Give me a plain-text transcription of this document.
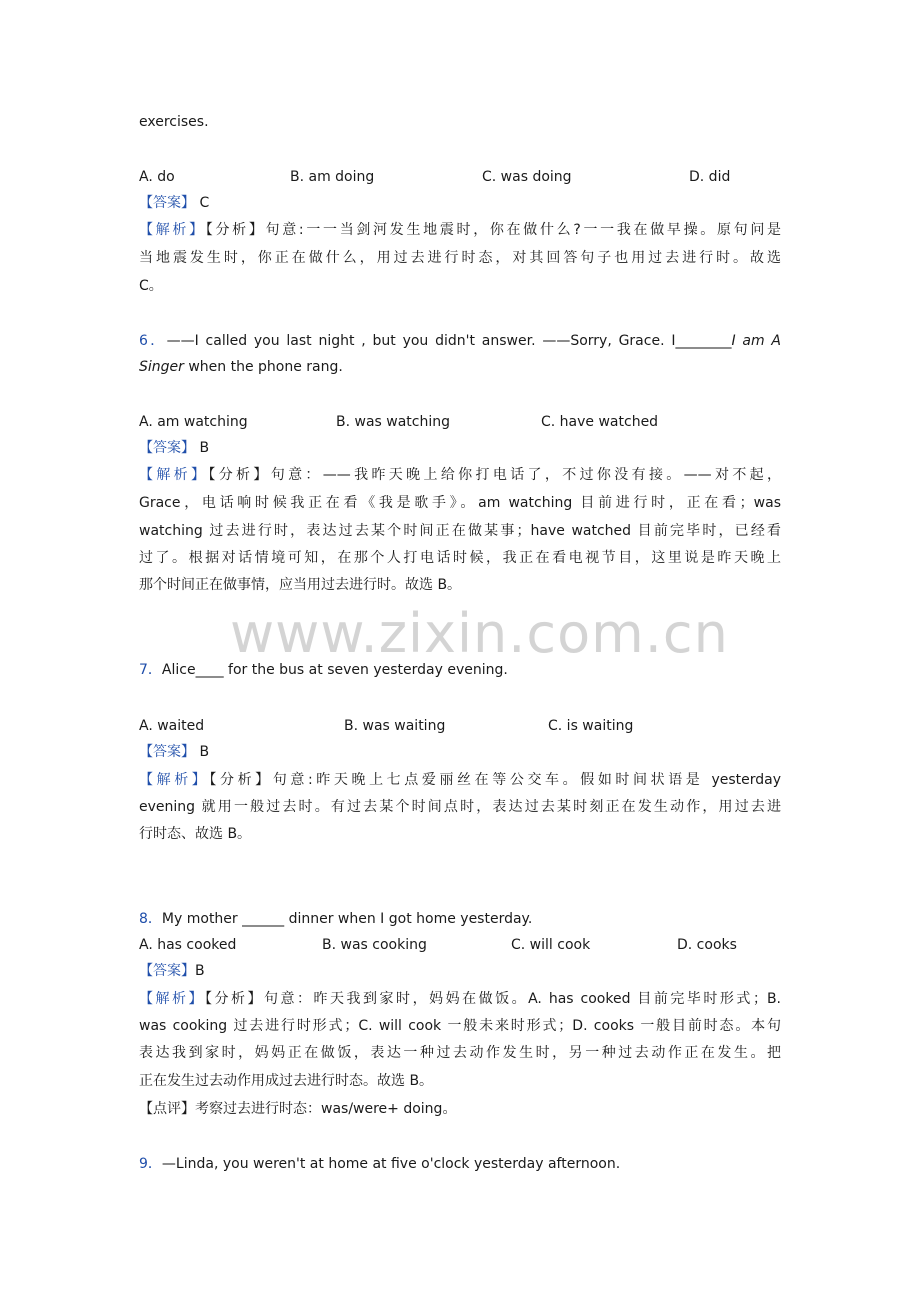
www.zixin.com.cn
exercises.
A. do	B. am doing	C. was doing	D. did
【答案】 C
【解析】【分析】句意:一一当剑河发生地震时，你在做什么?一一我在做早操。原句问是
当地震发生时，你正在做什么，用过去进行时态，对其回答句子也用过去进行时。故选
C。
6．——I called you last night , but you didn't answer. ——Sorry, Grace. I________I am A
Singer when the phone rang.
A. am watching	B. was watching	C. have watched
【答案】 B
【解析】【分析】句意：——我昨天晚上给你打电话了，不过你没有接。——对不起，
Grace，电话响时候我正在看《我是歌手》。am watching 目前进行时，正在看；was
watching 过去进行时，表达过去某个时间正在做某事；have watched 目前完毕时，已经看
过了。根据对话情境可知，在那个人打电话时候，我正在看电视节目，这里说是昨天晚上
那个时间正在做事情，应当用过去进行时。故选 B。
7．Alice____ for the bus at seven yesterday evening.
A. waited	B. was waiting	C. is waiting
【答案】 B
【解析】【分析】句意:昨天晚上七点爱丽丝在等公交车。假如时间状语是 yesterday
evening 就用一般过去时。有过去某个时间点时，表达过去某时刻正在发生动作，用过去进
行时态、故选 B。
8．My mother ______ dinner when I got home yesterday.
A. has cooked	B. was cooking	C. will cook	D. cooks
【答案】B
【解析】【分析】句意：昨天我到家时，妈妈在做饭。A. has cooked 目前完毕时形式；B.
was cooking 过去进行时形式；C. will cook 一般未来时形式；D. cooks 一般目前时态。本句
表达我到家时，妈妈正在做饭，表达一种过去动作发生时，另一种过去动作正在发生。把
正在发生过去动作用成过去进行时态。故选 B。
【点评】考察过去进行时态：was/were+ doing。
9．—Linda, you weren't at home at five o'clock yesterday afternoon.
